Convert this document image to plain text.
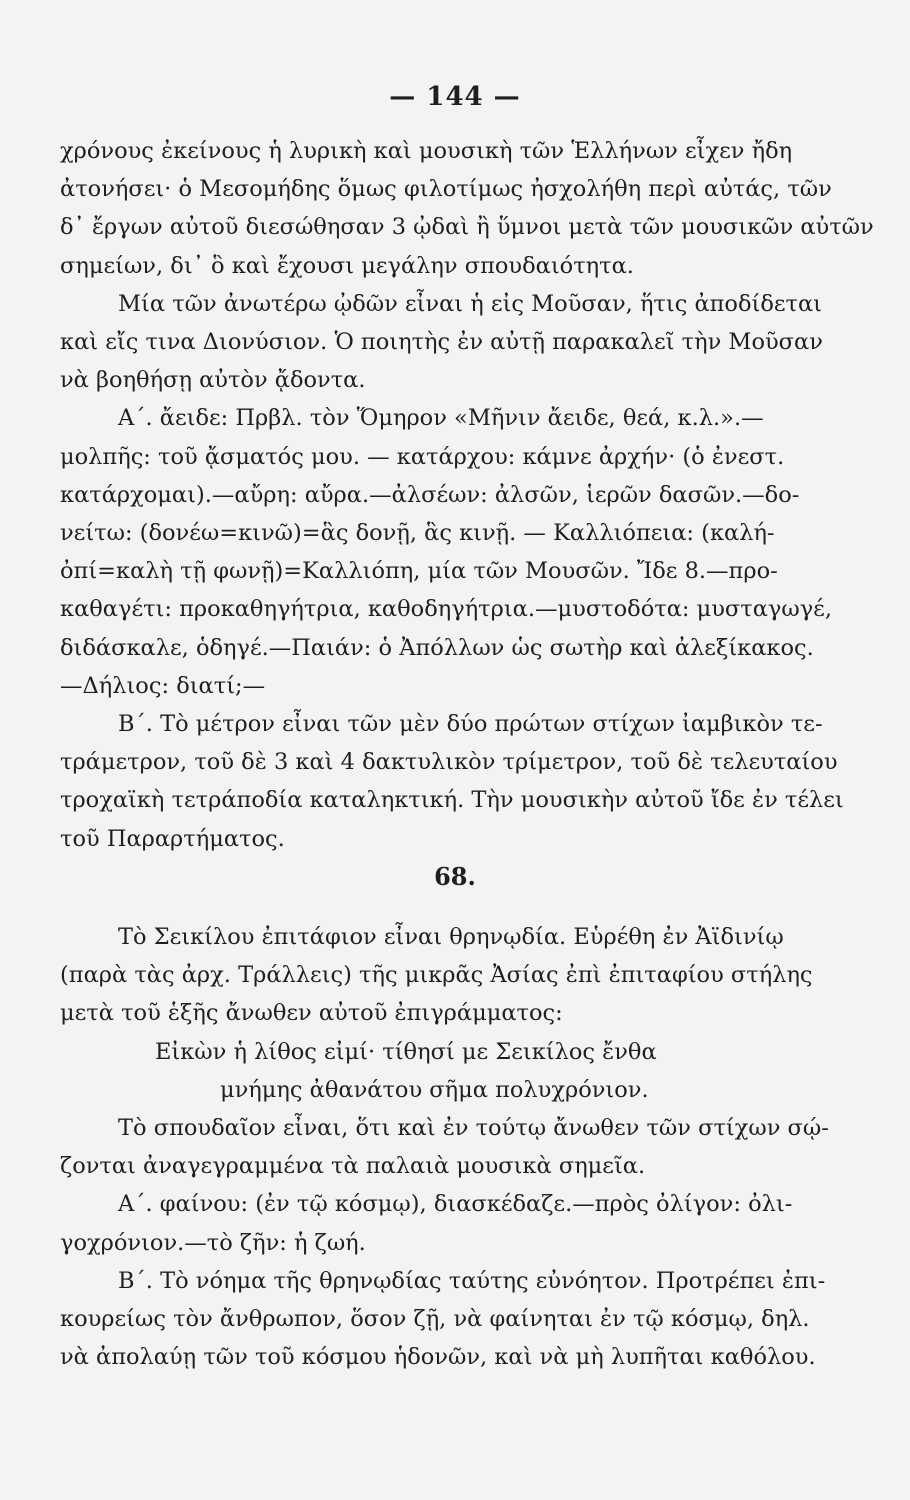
— 144 —
χρόνους ἐκείνους ἡ λυρικὴ καὶ μουσικὴ τῶν Ἑλλήνων εἶχεν ἤδη
ἀτονήσει· ὁ Μεσομήδης ὅμως φιλοτίμως ἠσχολήθη περὶ αὐτάς, τῶν
δ᾿ ἔργων αὐτοῦ διεσώθησαν 3 ᾠδαὶ ἢ ὕμνοι μετὰ τῶν μουσικῶν αὐτῶν
σημείων, δι᾿ ὃ καὶ ἔχουσι μεγάλην σπουδαιότητα.
Μία τῶν ἀνωτέρω ᾠδῶν εἶναι ἡ εἰς Μοῦσαν, ἥτις ἀποδίδεται
καὶ εἴς τινα Διονύσιον. Ὁ ποιητὴς ἐν αὐτῇ παρακαλεῖ τὴν Μοῦσαν
νὰ βοηθήσῃ αὐτὸν ᾄδοντα.
Α΄. ἄειδε: Πρβλ. τὸν Ὅμηρον «Μῆνιν ἄειδε, θεά, κ.λ.».—
μολπῆς: τοῦ ᾄσματός μου. — κατάρχου: κάμνε ἀρχήν· (ὁ ἐνεστ.
κατάρχομαι).—αὔρη: αὔρα.—ἀλσέων: ἀλσῶν, ἱερῶν δασῶν.—δο-
νείτω: (δονέω=κινῶ)=ἃς δονῇ, ἃς κινῇ. — Καλλιόπεια: (καλή-
ὀπί=καλὴ τῇ φωνῇ)=Καλλιόπη, μία τῶν Μουσῶν. Ἴδε 8.—προ-
καθαγέτι: προκαθηγήτρια, καθοδηγήτρια.—μυστοδότα: μυσταγωγέ,
διδάσκαλε, ὁδηγέ.—Παιάν: ὁ Ἀπόλλων ὡς σωτὴρ καὶ ἀλεξίκακος.
—Δήλιος: διατί;—
Β΄. Τὸ μέτρον εἶναι τῶν μὲν δύο πρώτων στίχων ἰαμβικὸν τε-
τράμετρον, τοῦ δὲ 3 καὶ 4 δακτυλικὸν τρίμετρον, τοῦ δὲ τελευταίου
τροχαϊκὴ τετράποδία καταληκτική. Τὴν μουσικὴν αὐτοῦ ἴδε ἐν τέλει
τοῦ Παραρτήματος.
68.
Τὸ Σεικίλου ἐπιτάφιον εἶναι θρηνῳδία. Εὑρέθη ἐν Ἀϊδινίῳ
(παρὰ τὰς ἀρχ. Τράλλεις) τῆς μικρᾶς Ἀσίας ἐπὶ ἐπιταφίου στήλης
μετὰ τοῦ ἑξῆς ἄνωθεν αὐτοῦ ἐπιγράμματος:
Εἰκὼν ἡ λίθος εἰμί· τίθησί με Σεικίλος ἔνθα
μνήμης ἀθανάτου σῆμα πολυχρόνιον.
Τὸ σπουδαῖον εἶναι, ὅτι καὶ ἐν τούτῳ ἄνωθεν τῶν στίχων σῴ-
ζονται ἀναγεγραμμένα τὰ παλαιὰ μουσικὰ σημεῖα.
Α΄. φαίνου: (ἐν τῷ κόσμῳ), διασκέδαζε.—πρὸς ὀλίγον: ὀλι-
γοχρόνιον.—τὸ ζῆν: ἡ ζωή.
Β΄. Τὸ νόημα τῆς θρηνῳδίας ταύτης εὐνόητον. Προτρέπει ἐπι-
κουρείως τὸν ἄνθρωπον, ὅσον ζῇ, νὰ φαίνηται ἐν τῷ κόσμῳ, δηλ.
νὰ ἀπολαύῃ τῶν τοῦ κόσμου ἡδονῶν, καὶ νὰ μὴ λυπῆται καθόλου.
